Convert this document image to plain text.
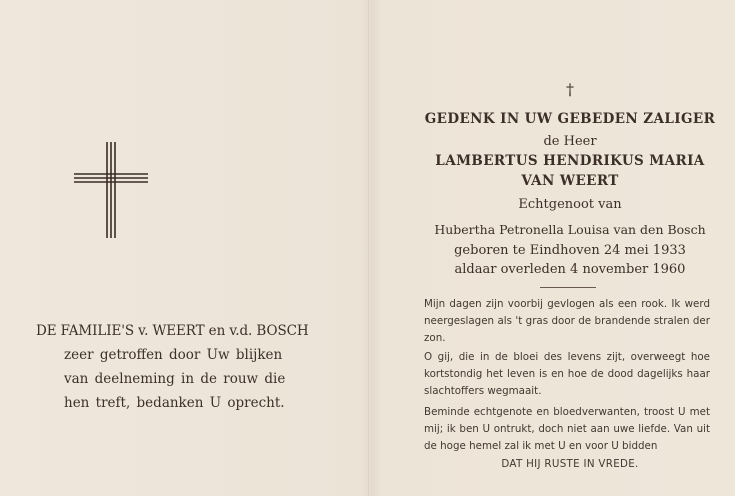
DE FAMILIE'S v. WEERT en v.d. BOSCH
zeer getroffen door Uw blijken
van deelneming in de rouw die
hen treft, bedanken U oprecht.
†
GEDENK IN UW GEBEDEN ZALIGER
de Heer
LAMBERTUS HENDRIKUS MARIA
VAN WEERT
Echtgenoot van
Hubertha Petronella Louisa van den Bosch
geboren te Eindhoven 24 mei 1933
aldaar overleden 4 november 1960
Mijn dagen zijn voorbij gevlogen als een rook. Ik werd neergeslagen als 't gras door de brandende stralen der zon.
O gij, die in de bloei des levens zijt, overweegt hoe kortstondig het leven is en hoe de dood dagelijks haar slachtoffers wegmaait.
Beminde echtgenote en bloedverwanten, troost U met mij; ik ben U ontrukt, doch niet aan uwe liefde. Van uit de hoge hemel zal ik met U en voor U bidden
DAT HIJ RUSTE IN VREDE.
